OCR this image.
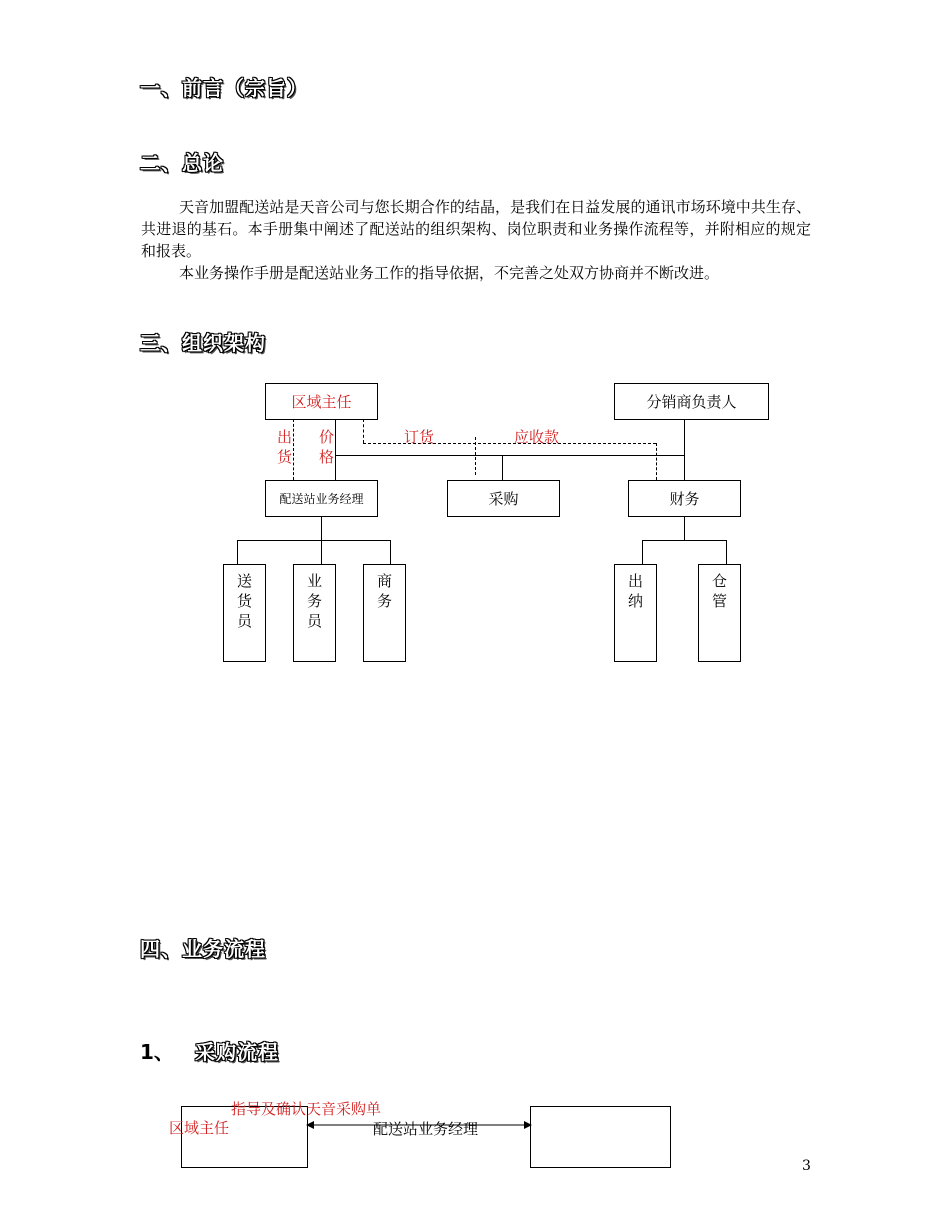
一、前言（宗旨）
二、总论

天音加盟配送站是天音公司与您长期合作的结晶，是我们在日益发展的通讯市场环境中共生存、共进退的基石。本手册集中阐述了配送站的组织架构、岗位职责和业务操作流程等，并附相应的规定和报表。

本业务操作手册是配送站业务工作的指导依据，不完善之处双方协商并不断改进。

三、组织架构
区域主任	分销商负责人
配送站业务经理	采购	财务
出货
价格
订货	应收款
送货员
业务员
商务
出纳
仓管
四、业务流程
1、 采购流程
区域主任
指导及确认天音采购单
配送站业务经理
3
